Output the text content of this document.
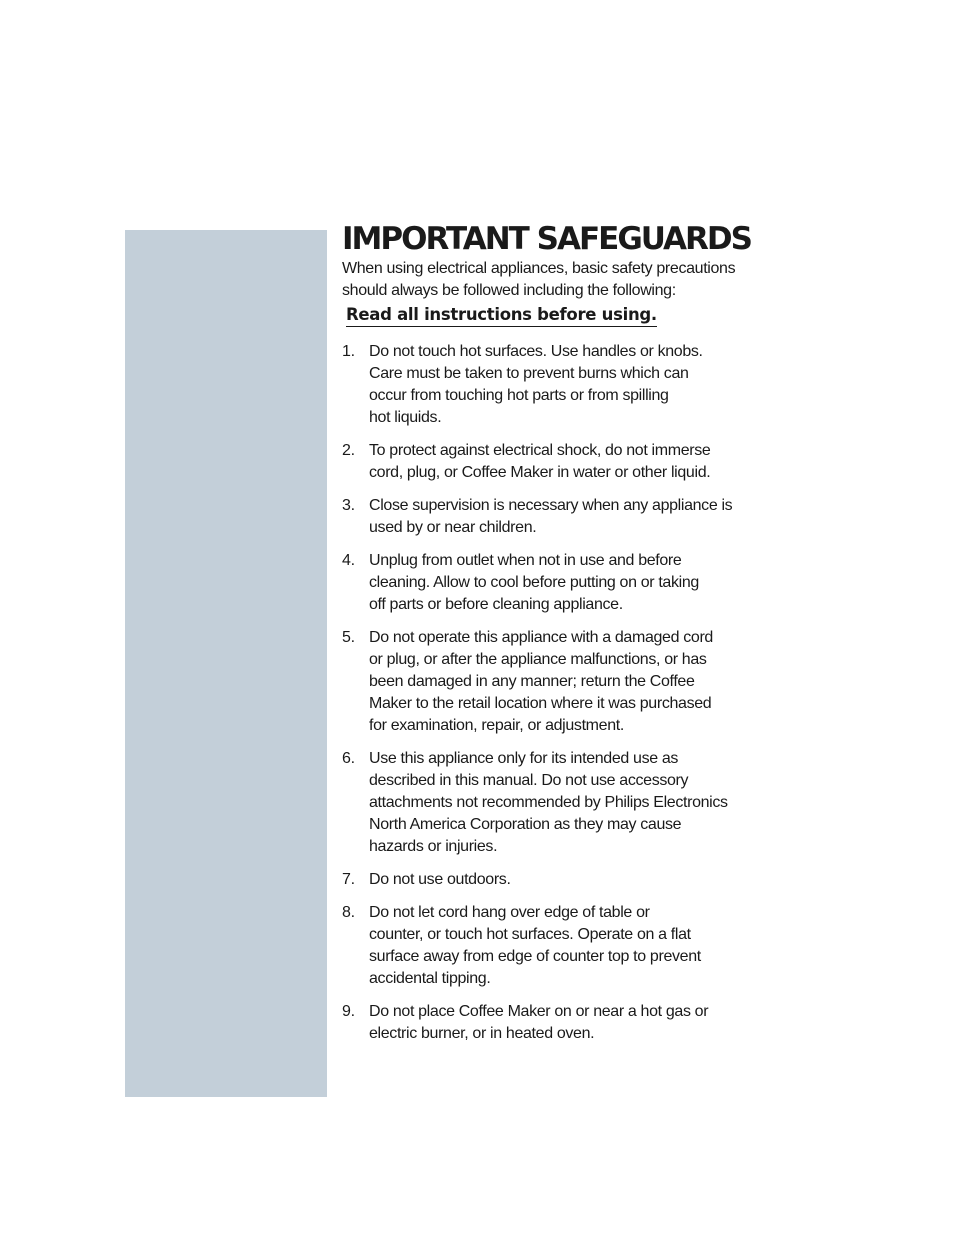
IMPORTANT SAFEGUARDS

When using electrical appliances, basic safety precautions
should always be followed including the following:

Read all instructions before using.
1. Do not touch hot surfaces. Use handles or knobs.
Care must be taken to prevent burns which can
occur from touching hot parts or from spilling
hot liquids.
2. To protect against electrical shock, do not immerse
cord, plug, or Coffee Maker in water or other liquid.
3. Close supervision is necessary when any appliance is
used by or near children.
4. Unplug from outlet when not in use and before
cleaning. Allow to cool before putting on or taking
off parts or before cleaning appliance.
5. Do not operate this appliance with a damaged cord
or plug, or after the appliance malfunctions, or has
been damaged in any manner; return the Coffee
Maker to the retail location where it was purchased
for examination, repair, or adjustment.
6. Use this appliance only for its intended use as
described in this manual. Do not use accessory
attachments not recommended by Philips Electronics
North America Corporation as they may cause
hazards or injuries.
7. Do not use outdoors.
8. Do not let cord hang over edge of table or
counter, or touch hot surfaces. Operate on a flat
surface away from edge of counter top to prevent
accidental tipping.
9. Do not place Coffee Maker on or near a hot gas or
electric burner, or in heated oven.
